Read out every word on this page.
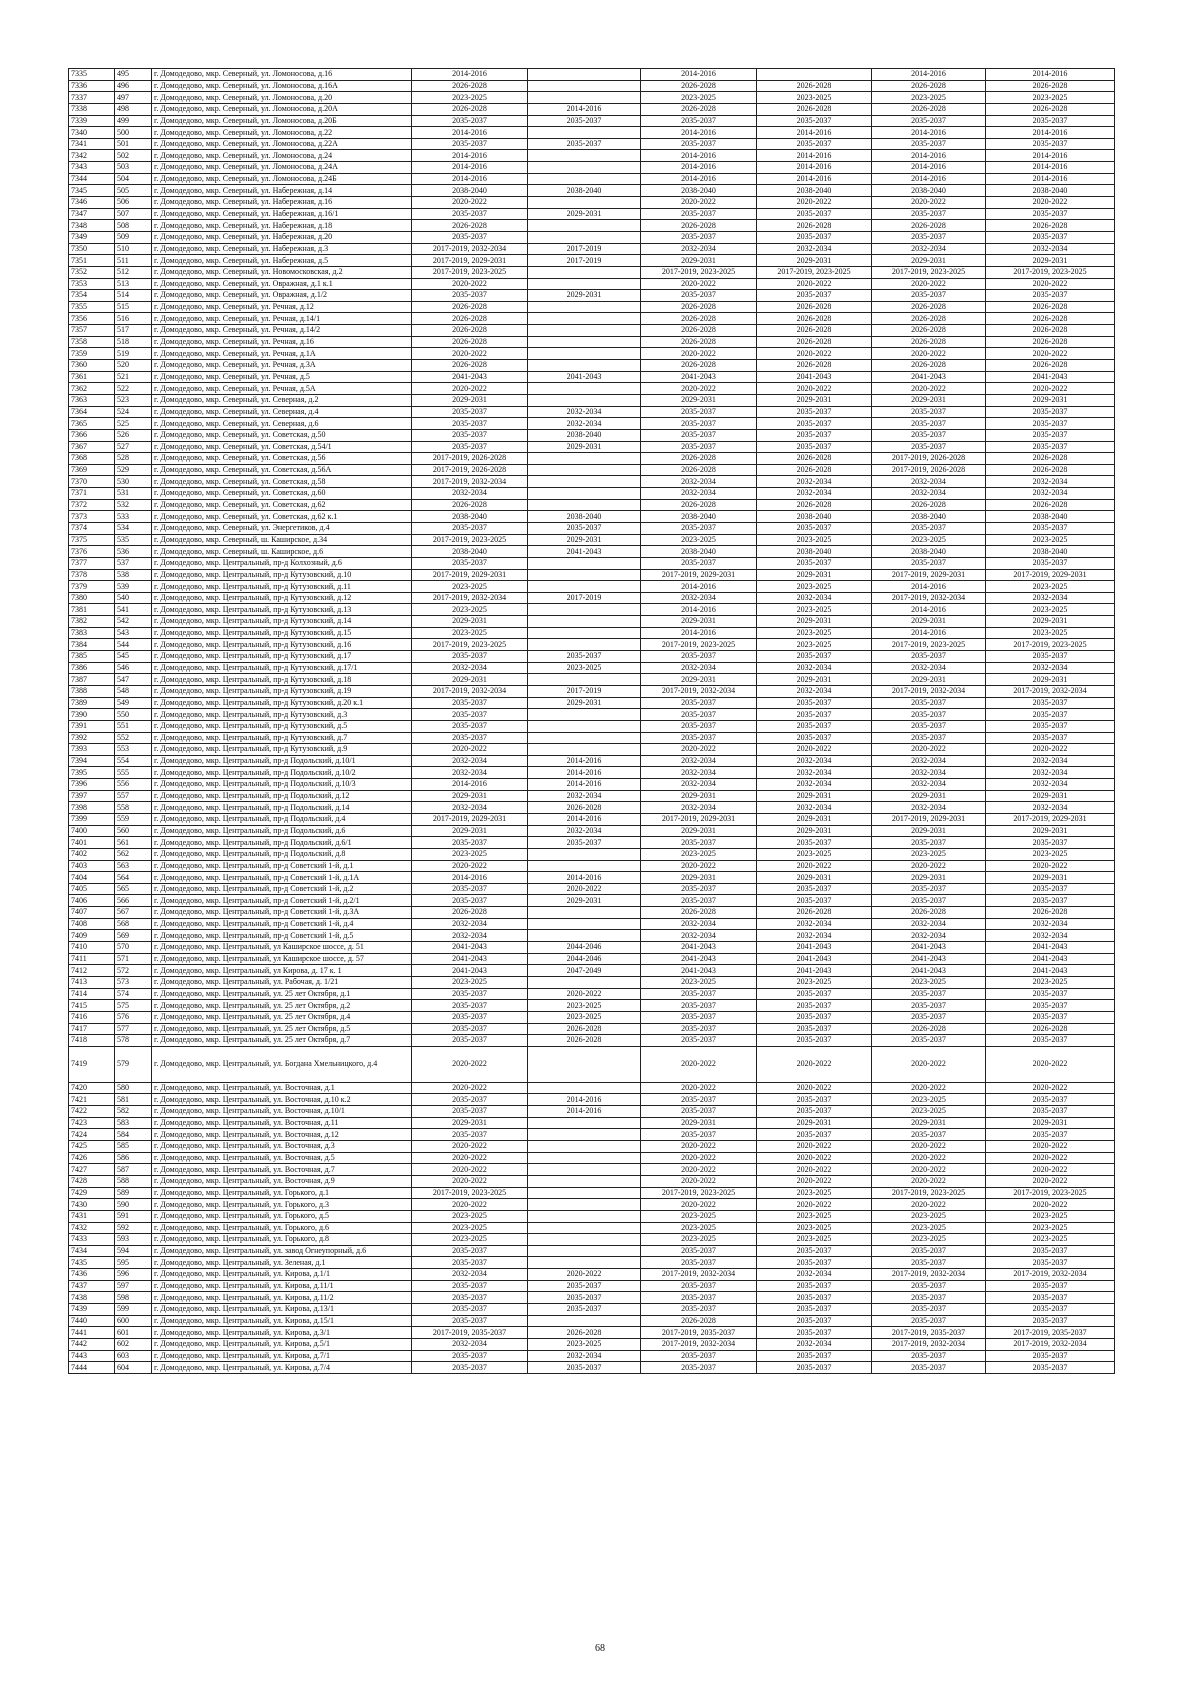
7335	495	г. Домодедово, мкр. Северный, ул. Ломоносова, д.16	2014-2016		2014-2016		2014-2016	2014-2016
7336	496	г. Домодедово, мкр. Северный, ул. Ломоносова, д.16А	2026-2028		2026-2028	2026-2028	2026-2028	2026-2028
7337	497	г. Домодедово, мкр. Северный, ул. Ломоносова, д.20	2023-2025		2023-2025	2023-2025	2023-2025	2023-2025
7338	498	г. Домодедово, мкр. Северный, ул. Ломоносова, д.20А	2026-2028	2014-2016	2026-2028	2026-2028	2026-2028	2026-2028
7339	499	г. Домодедово, мкр. Северный, ул. Ломоносова, д.20Б	2035-2037	2035-2037	2035-2037	2035-2037	2035-2037	2035-2037
7340	500	г. Домодедово, мкр. Северный, ул. Ломоносова, д.22	2014-2016		2014-2016	2014-2016	2014-2016	2014-2016
7341	501	г. Домодедово, мкр. Северный, ул. Ломоносова, д.22А	2035-2037	2035-2037	2035-2037	2035-2037	2035-2037	2035-2037
7342	502	г. Домодедово, мкр. Северный, ул. Ломоносова, д.24	2014-2016		2014-2016	2014-2016	2014-2016	2014-2016
7343	503	г. Домодедово, мкр. Северный, ул. Ломоносова, д.24А	2014-2016		2014-2016	2014-2016	2014-2016	2014-2016
7344	504	г. Домодедово, мкр. Северный, ул. Ломоносова, д.24Б	2014-2016		2014-2016	2014-2016	2014-2016	2014-2016
7345	505	г. Домодедово, мкр. Северный, ул. Набережная, д.14	2038-2040	2038-2040	2038-2040	2038-2040	2038-2040	2038-2040
7346	506	г. Домодедово, мкр. Северный, ул. Набережная, д.16	2020-2022		2020-2022	2020-2022	2020-2022	2020-2022
7347	507	г. Домодедово, мкр. Северный, ул. Набережная, д.16/1	2035-2037	2029-2031	2035-2037	2035-2037	2035-2037	2035-2037
7348	508	г. Домодедово, мкр. Северный, ул. Набережная, д.18	2026-2028		2026-2028	2026-2028	2026-2028	2026-2028
7349	509	г. Домодедово, мкр. Северный, ул. Набережная, д.20	2035-2037		2035-2037	2035-2037	2035-2037	2035-2037
7350	510	г. Домодедово, мкр. Северный, ул. Набережная, д.3	2017-2019, 2032-2034	2017-2019	2032-2034	2032-2034	2032-2034	2032-2034
7351	511	г. Домодедово, мкр. Северный, ул. Набережная, д.5	2017-2019, 2029-2031	2017-2019	2029-2031	2029-2031	2029-2031	2029-2031
7352	512	г. Домодедово, мкр. Северный, ул. Новомосковская, д.2	2017-2019, 2023-2025		2017-2019, 2023-2025	2017-2019, 2023-2025	2017-2019, 2023-2025	2017-2019, 2023-2025
7353	513	г. Домодедово, мкр. Северный, ул. Овражная, д.1 к.1	2020-2022		2020-2022	2020-2022	2020-2022	2020-2022
7354	514	г. Домодедово, мкр. Северный, ул. Овражная, д.1/2	2035-2037	2029-2031	2035-2037	2035-2037	2035-2037	2035-2037
7355	515	г. Домодедово, мкр. Северный, ул. Речная, д.12	2026-2028		2026-2028	2026-2028	2026-2028	2026-2028
7356	516	г. Домодедово, мкр. Северный, ул. Речная, д.14/1	2026-2028		2026-2028	2026-2028	2026-2028	2026-2028
7357	517	г. Домодедово, мкр. Северный, ул. Речная, д.14/2	2026-2028		2026-2028	2026-2028	2026-2028	2026-2028
7358	518	г. Домодедово, мкр. Северный, ул. Речная, д.16	2026-2028		2026-2028	2026-2028	2026-2028	2026-2028
7359	519	г. Домодедово, мкр. Северный, ул. Речная, д.1А	2020-2022		2020-2022	2020-2022	2020-2022	2020-2022
7360	520	г. Домодедово, мкр. Северный, ул. Речная, д.3А	2026-2028		2026-2028	2026-2028	2026-2028	2026-2028
7361	521	г. Домодедово, мкр. Северный, ул. Речная, д.5	2041-2043	2041-2043	2041-2043	2041-2043	2041-2043	2041-2043
7362	522	г. Домодедово, мкр. Северный, ул. Речная, д.5А	2020-2022		2020-2022	2020-2022	2020-2022	2020-2022
7363	523	г. Домодедово, мкр. Северный, ул. Северная, д.2	2029-2031		2029-2031	2029-2031	2029-2031	2029-2031
7364	524	г. Домодедово, мкр. Северный, ул. Северная, д.4	2035-2037	2032-2034	2035-2037	2035-2037	2035-2037	2035-2037
7365	525	г. Домодедово, мкр. Северный, ул. Северная, д.6	2035-2037	2032-2034	2035-2037	2035-2037	2035-2037	2035-2037
7366	526	г. Домодедово, мкр. Северный, ул. Советская, д.50	2035-2037	2038-2040	2035-2037	2035-2037	2035-2037	2035-2037
7367	527	г. Домодедово, мкр. Северный, ул. Советская, д.54/1	2035-2037	2029-2031	2035-2037	2035-2037	2035-2037	2035-2037
7368	528	г. Домодедово, мкр. Северный, ул. Советская, д.56	2017-2019, 2026-2028		2026-2028	2026-2028	2017-2019, 2026-2028	2026-2028
7369	529	г. Домодедово, мкр. Северный, ул. Советская, д.56А	2017-2019, 2026-2028		2026-2028	2026-2028	2017-2019, 2026-2028	2026-2028
7370	530	г. Домодедово, мкр. Северный, ул. Советская, д.58	2017-2019, 2032-2034		2032-2034	2032-2034	2032-2034	2032-2034
7371	531	г. Домодедово, мкр. Северный, ул. Советская, д.60	2032-2034		2032-2034	2032-2034	2032-2034	2032-2034
7372	532	г. Домодедово, мкр. Северный, ул. Советская, д.62	2026-2028		2026-2028	2026-2028	2026-2028	2026-2028
7373	533	г. Домодедово, мкр. Северный, ул. Советская, д.62 к.1	2038-2040	2038-2040	2038-2040	2038-2040	2038-2040	2038-2040
7374	534	г. Домодедово, мкр. Северный, ул. Энергетиков, д.4	2035-2037	2035-2037	2035-2037	2035-2037	2035-2037	2035-2037
7375	535	г. Домодедово, мкр. Северный, ш. Каширское, д.34	2017-2019, 2023-2025	2029-2031	2023-2025	2023-2025	2023-2025	2023-2025
7376	536	г. Домодедово, мкр. Северный, ш. Каширское, д.6	2038-2040	2041-2043	2038-2040	2038-2040	2038-2040	2038-2040
7377	537	г. Домодедово, мкр. Центральный, пр-д Колхозный, д.6	2035-2037		2035-2037	2035-2037	2035-2037	2035-2037
7378	538	г. Домодедово, мкр. Центральный, пр-д Кутузовский, д.10	2017-2019, 2029-2031		2017-2019, 2029-2031	2029-2031	2017-2019, 2029-2031	2017-2019, 2029-2031
7379	539	г. Домодедово, мкр. Центральный, пр-д Кутузовский, д.11	2023-2025		2014-2016	2023-2025	2014-2016	2023-2025
7380	540	г. Домодедово, мкр. Центральный, пр-д Кутузовский, д.12	2017-2019, 2032-2034	2017-2019	2032-2034	2032-2034	2017-2019, 2032-2034	2032-2034
7381	541	г. Домодедово, мкр. Центральный, пр-д Кутузовский, д.13	2023-2025		2014-2016	2023-2025	2014-2016	2023-2025
7382	542	г. Домодедово, мкр. Центральный, пр-д Кутузовский, д.14	2029-2031		2029-2031	2029-2031	2029-2031	2029-2031
7383	543	г. Домодедово, мкр. Центральный, пр-д Кутузовский, д.15	2023-2025		2014-2016	2023-2025	2014-2016	2023-2025
7384	544	г. Домодедово, мкр. Центральный, пр-д Кутузовский, д.16	2017-2019, 2023-2025		2017-2019, 2023-2025	2023-2025	2017-2019, 2023-2025	2017-2019, 2023-2025
7385	545	г. Домодедово, мкр. Центральный, пр-д Кутузовский, д.17	2035-2037	2035-2037	2035-2037	2035-2037	2035-2037	2035-2037
7386	546	г. Домодедово, мкр. Центральный, пр-д Кутузовский, д.17/1	2032-2034	2023-2025	2032-2034	2032-2034	2032-2034	2032-2034
7387	547	г. Домодедово, мкр. Центральный, пр-д Кутузовский, д.18	2029-2031		2029-2031	2029-2031	2029-2031	2029-2031
7388	548	г. Домодедово, мкр. Центральный, пр-д Кутузовский, д.19	2017-2019, 2032-2034	2017-2019	2017-2019, 2032-2034	2032-2034	2017-2019, 2032-2034	2017-2019, 2032-2034
7389	549	г. Домодедово, мкр. Центральный, пр-д Кутузовский, д.20 к.1	2035-2037	2029-2031	2035-2037	2035-2037	2035-2037	2035-2037
7390	550	г. Домодедово, мкр. Центральный, пр-д Кутузовский, д.3	2035-2037		2035-2037	2035-2037	2035-2037	2035-2037
7391	551	г. Домодедово, мкр. Центральный, пр-д Кутузовский, д.5	2035-2037		2035-2037	2035-2037	2035-2037	2035-2037
7392	552	г. Домодедово, мкр. Центральный, пр-д Кутузовский, д.7	2035-2037		2035-2037	2035-2037	2035-2037	2035-2037
7393	553	г. Домодедово, мкр. Центральный, пр-д Кутузовский, д.9	2020-2022		2020-2022	2020-2022	2020-2022	2020-2022
7394	554	г. Домодедово, мкр. Центральный, пр-д Подольский, д.10/1	2032-2034	2014-2016	2032-2034	2032-2034	2032-2034	2032-2034
7395	555	г. Домодедово, мкр. Центральный, пр-д Подольский, д.10/2	2032-2034	2014-2016	2032-2034	2032-2034	2032-2034	2032-2034
7396	556	г. Домодедово, мкр. Центральный, пр-д Подольский, д.10/3	2014-2016	2014-2016	2032-2034	2032-2034	2032-2034	2032-2034
7397	557	г. Домодедово, мкр. Центральный, пр-д Подольский, д.12	2029-2031	2032-2034	2029-2031	2029-2031	2029-2031	2029-2031
7398	558	г. Домодедово, мкр. Центральный, пр-д Подольский, д.14	2032-2034	2026-2028	2032-2034	2032-2034	2032-2034	2032-2034
7399	559	г. Домодедово, мкр. Центральный, пр-д Подольский, д.4	2017-2019, 2029-2031	2014-2016	2017-2019, 2029-2031	2029-2031	2017-2019, 2029-2031	2017-2019, 2029-2031
7400	560	г. Домодедово, мкр. Центральный, пр-д Подольский, д.6	2029-2031	2032-2034	2029-2031	2029-2031	2029-2031	2029-2031
7401	561	г. Домодедово, мкр. Центральный, пр-д Подольский, д.6/1	2035-2037	2035-2037	2035-2037	2035-2037	2035-2037	2035-2037
7402	562	г. Домодедово, мкр. Центральный, пр-д Подольский, д.8	2023-2025		2023-2025	2023-2025	2023-2025	2023-2025
7403	563	г. Домодедово, мкр. Центральный, пр-д Советский 1-й, д.1	2020-2022		2020-2022	2020-2022	2020-2022	2020-2022
7404	564	г. Домодедово, мкр. Центральный, пр-д Советский 1-й, д.1А	2014-2016	2014-2016	2029-2031	2029-2031	2029-2031	2029-2031
7405	565	г. Домодедово, мкр. Центральный, пр-д Советский 1-й, д.2	2035-2037	2020-2022	2035-2037	2035-2037	2035-2037	2035-2037
7406	566	г. Домодедово, мкр. Центральный, пр-д Советский 1-й, д.2/1	2035-2037	2029-2031	2035-2037	2035-2037	2035-2037	2035-2037
7407	567	г. Домодедово, мкр. Центральный, пр-д Советский 1-й, д.3А	2026-2028		2026-2028	2026-2028	2026-2028	2026-2028
7408	568	г. Домодедово, мкр. Центральный, пр-д Советский 1-й, д.4	2032-2034		2032-2034	2032-2034	2032-2034	2032-2034
7409	569	г. Домодедово, мкр. Центральный, пр-д Советский 1-й, д.5	2032-2034		2032-2034	2032-2034	2032-2034	2032-2034
7410	570	г. Домодедово, мкр. Центральный, ул Каширское шоссе, д. 51	2041-2043	2044-2046	2041-2043	2041-2043	2041-2043	2041-2043
7411	571	г. Домодедово, мкр. Центральный, ул Каширское шоссе, д. 57	2041-2043	2044-2046	2041-2043	2041-2043	2041-2043	2041-2043
7412	572	г. Домодедово, мкр. Центральный, ул Кирова, д. 17 к. 1	2041-2043	2047-2049	2041-2043	2041-2043	2041-2043	2041-2043
7413	573	г. Домодедово, мкр. Центральный, ул. Рабочая, д. 1/21	2023-2025		2023-2025	2023-2025	2023-2025	2023-2025
7414	574	г. Домодедово, мкр. Центральный, ул. 25 лет Октября, д.1	2035-2037	2020-2022	2035-2037	2035-2037	2035-2037	2035-2037
7415	575	г. Домодедово, мкр. Центральный, ул. 25 лет Октября, д.2	2035-2037	2023-2025	2035-2037	2035-2037	2035-2037	2035-2037
7416	576	г. Домодедово, мкр. Центральный, ул. 25 лет Октября, д.4	2035-2037	2023-2025	2035-2037	2035-2037	2035-2037	2035-2037
7417	577	г. Домодедово, мкр. Центральный, ул. 25 лет Октября, д.5	2035-2037	2026-2028	2035-2037	2035-2037	2026-2028	2026-2028
7418	578	г. Домодедово, мкр. Центральный, ул. 25 лет Октября, д.7	2035-2037	2026-2028	2035-2037	2035-2037	2035-2037	2035-2037
7419	579	г. Домодедово, мкр. Центральный, ул. Богдана Хмельницкого, д.4	2020-2022		2020-2022	2020-2022	2020-2022	2020-2022
7420	580	г. Домодедово, мкр. Центральный, ул. Восточная, д.1	2020-2022		2020-2022	2020-2022	2020-2022	2020-2022
7421	581	г. Домодедово, мкр. Центральный, ул. Восточная, д.10 к.2	2035-2037	2014-2016	2035-2037	2035-2037	2023-2025	2035-2037
7422	582	г. Домодедово, мкр. Центральный, ул. Восточная, д.10/1	2035-2037	2014-2016	2035-2037	2035-2037	2023-2025	2035-2037
7423	583	г. Домодедово, мкр. Центральный, ул. Восточная, д.11	2029-2031		2029-2031	2029-2031	2029-2031	2029-2031
7424	584	г. Домодедово, мкр. Центральный, ул. Восточная, д.12	2035-2037		2035-2037	2035-2037	2035-2037	2035-2037
7425	585	г. Домодедово, мкр. Центральный, ул. Восточная, д.3	2020-2022		2020-2022	2020-2022	2020-2022	2020-2022
7426	586	г. Домодедово, мкр. Центральный, ул. Восточная, д.5	2020-2022		2020-2022	2020-2022	2020-2022	2020-2022
7427	587	г. Домодедово, мкр. Центральный, ул. Восточная, д.7	2020-2022		2020-2022	2020-2022	2020-2022	2020-2022
7428	588	г. Домодедово, мкр. Центральный, ул. Восточная, д.9	2020-2022		2020-2022	2020-2022	2020-2022	2020-2022
7429	589	г. Домодедово, мкр. Центральный, ул. Горького, д.1	2017-2019, 2023-2025		2017-2019, 2023-2025	2023-2025	2017-2019, 2023-2025	2017-2019, 2023-2025
7430	590	г. Домодедово, мкр. Центральный, ул. Горького, д.3	2020-2022		2020-2022	2020-2022	2020-2022	2020-2022
7431	591	г. Домодедово, мкр. Центральный, ул. Горького, д.5	2023-2025		2023-2025	2023-2025	2023-2025	2023-2025
7432	592	г. Домодедово, мкр. Центральный, ул. Горького, д.6	2023-2025		2023-2025	2023-2025	2023-2025	2023-2025
7433	593	г. Домодедово, мкр. Центральный, ул. Горького, д.8	2023-2025		2023-2025	2023-2025	2023-2025	2023-2025
7434	594	г. Домодедово, мкр. Центральный, ул. завод Огнеупорный, д.6	2035-2037		2035-2037	2035-2037	2035-2037	2035-2037
7435	595	г. Домодедово, мкр. Центральный, ул. Зеленая, д.1	2035-2037		2035-2037	2035-2037	2035-2037	2035-2037
7436	596	г. Домодедово, мкр. Центральный, ул. Кирова, д.1/1	2032-2034	2020-2022	2017-2019, 2032-2034	2032-2034	2017-2019, 2032-2034	2017-2019, 2032-2034
7437	597	г. Домодедово, мкр. Центральный, ул. Кирова, д.11/1	2035-2037	2035-2037	2035-2037	2035-2037	2035-2037	2035-2037
7438	598	г. Домодедово, мкр. Центральный, ул. Кирова, д.11/2	2035-2037	2035-2037	2035-2037	2035-2037	2035-2037	2035-2037
7439	599	г. Домодедово, мкр. Центральный, ул. Кирова, д.13/1	2035-2037	2035-2037	2035-2037	2035-2037	2035-2037	2035-2037
7440	600	г. Домодедово, мкр. Центральный, ул. Кирова, д.15/1	2035-2037		2026-2028	2035-2037	2035-2037	2035-2037
7441	601	г. Домодедово, мкр. Центральный, ул. Кирова, д.3/1	2017-2019, 2035-2037	2026-2028	2017-2019, 2035-2037	2035-2037	2017-2019, 2035-2037	2017-2019, 2035-2037
7442	602	г. Домодедово, мкр. Центральный, ул. Кирова, д.5/1	2032-2034	2023-2025	2017-2019, 2032-2034	2032-2034	2017-2019, 2032-2034	2017-2019, 2032-2034
7443	603	г. Домодедово, мкр. Центральный, ул. Кирова, д.7/1	2035-2037	2032-2034	2035-2037	2035-2037	2035-2037	2035-2037
7444	604	г. Домодедово, мкр. Центральный, ул. Кирова, д.7/4	2035-2037	2035-2037	2035-2037	2035-2037	2035-2037	2035-2037
68
